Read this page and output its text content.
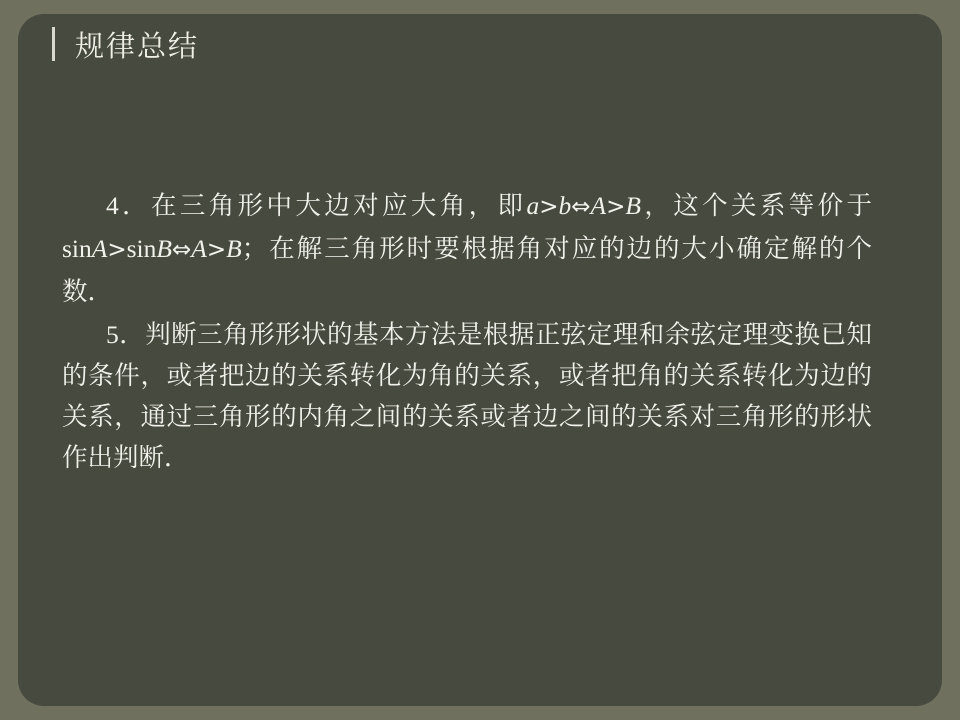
规律总结

4．在三角形中大边对应大角，即a>b⇔A>B，这个关系等价于sinA>sinB⇔A>B；在解三角形时要根据角对应的边的大小确定解的个数．

5．判断三角形形状的基本方法是根据正弦定理和余弦定理变换已知的条件，或者把边的关系转化为角的关系，或者把角的关系转化为边的关系，通过三角形的内角之间的关系或者边之间的关系对三角形的形状作出判断．
